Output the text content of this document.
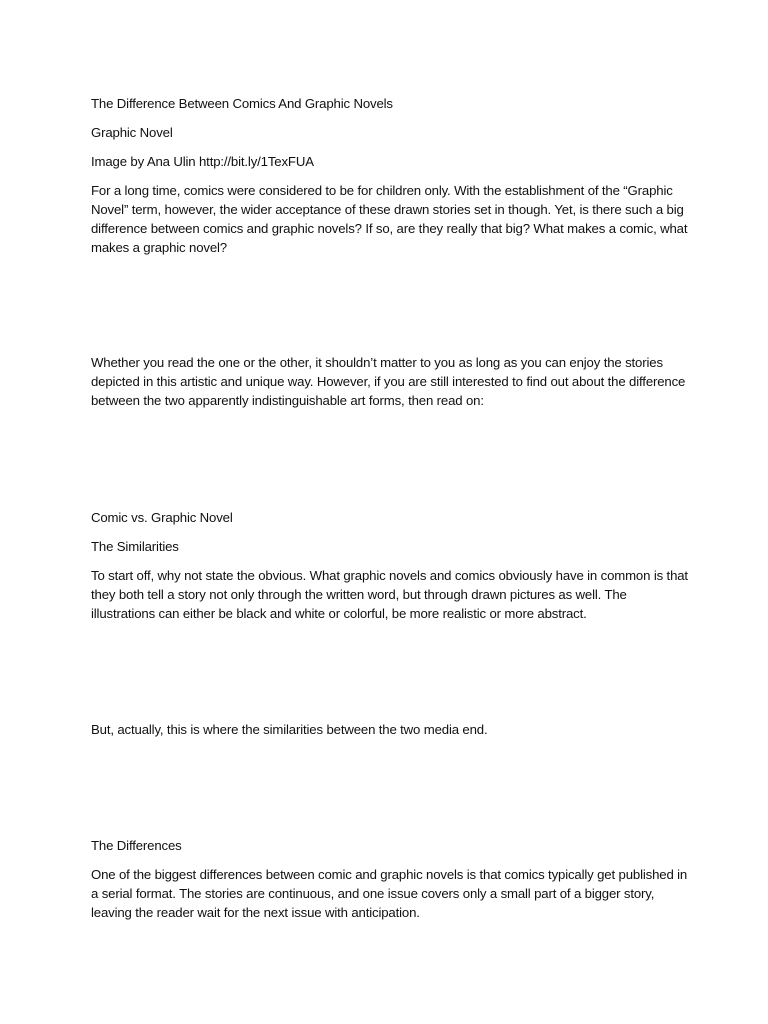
The Difference Between Comics And Graphic Novels

Graphic Novel

Image by Ana Ulin http://bit.ly/1TexFUA

For a long time, comics were considered to be for children only. With the establishment of the “Graphic Novel” term, however, the wider acceptance of these drawn stories set in though. Yet, is there such a big difference between comics and graphic novels? If so, are they really that big? What makes a comic, what makes a graphic novel?

Whether you read the one or the other, it shouldn’t matter to you as long as you can enjoy the stories depicted in this artistic and unique way. However, if you are still interested to find out about the difference between the two apparently indistinguishable art forms, then read on:

Comic vs. Graphic Novel

The Similarities

To start off, why not state the obvious. What graphic novels and comics obviously have in common is that they both tell a story not only through the written word, but through drawn pictures as well. The illustrations can either be black and white or colorful, be more realistic or more abstract.

But, actually, this is where the similarities between the two media end.

The Differences

One of the biggest differences between comic and graphic novels is that comics typically get published in a serial format. The stories are continuous, and one issue covers only a small part of a bigger story, leaving the reader wait for the next issue with anticipation.
